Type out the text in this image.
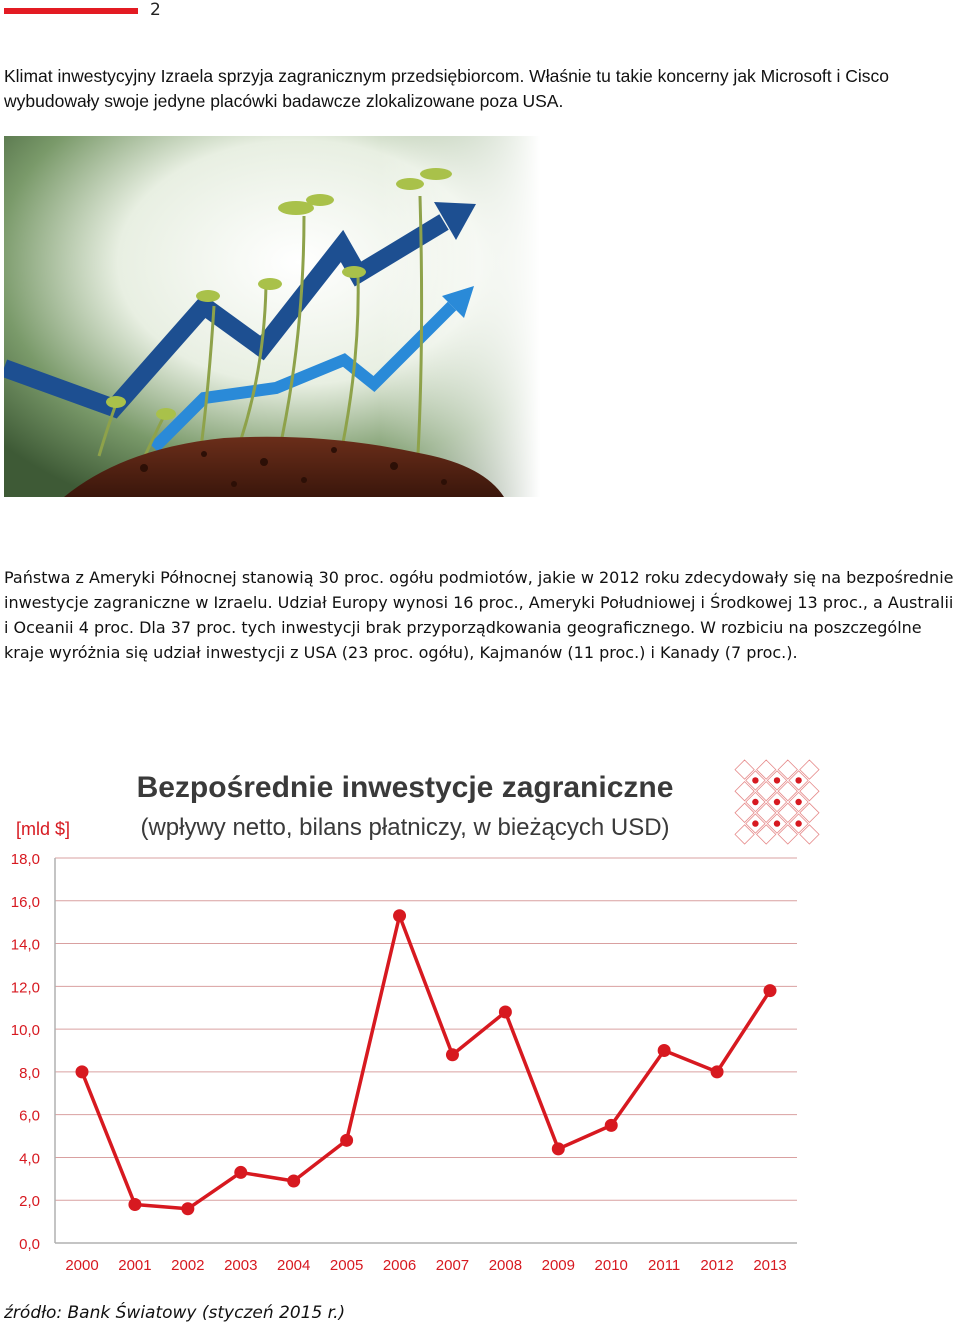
2

Klimat inwestycyjny Izraela sprzyja zagranicznym przedsiębiorcom. Właśnie tu takie koncerny jak Microsoft i Cisco wybudowały swoje jedyne placówki badawcze zlokalizowane poza USA.

Państwa z Ameryki Północnej stanowią 30 proc. ogółu podmiotów, jakie w 2012 roku zdecydowały się na bezpośrednie inwestycje zagraniczne w Izraelu. Udział Europy wynosi 16 proc., Ameryki Południowej i Środkowej 13 proc., a Australii i Oceanii 4 proc. Dla 37 proc. tych inwestycji brak przyporządkowania geograficznego. W rozbiciu na poszczególne kraje wyróżnia się udział inwestycji z USA (23 proc. ogółu), Kajmanów (11 proc.) i Kanady (7 proc.).

0,0
2,0
4,0
6,0
8,0
10,0
12,0
14,0
16,0
18,0
2000 2001 2002 2003 2004 2005 2006 2007 2008 2009 2010 2011 2012 2013
Bezpośrednie inwestycje zagraniczne
(wpływy netto, bilans płatniczy, w bieżących USD)
[mld $]

źródło: Bank Światowy (styczeń 2015 r.)
